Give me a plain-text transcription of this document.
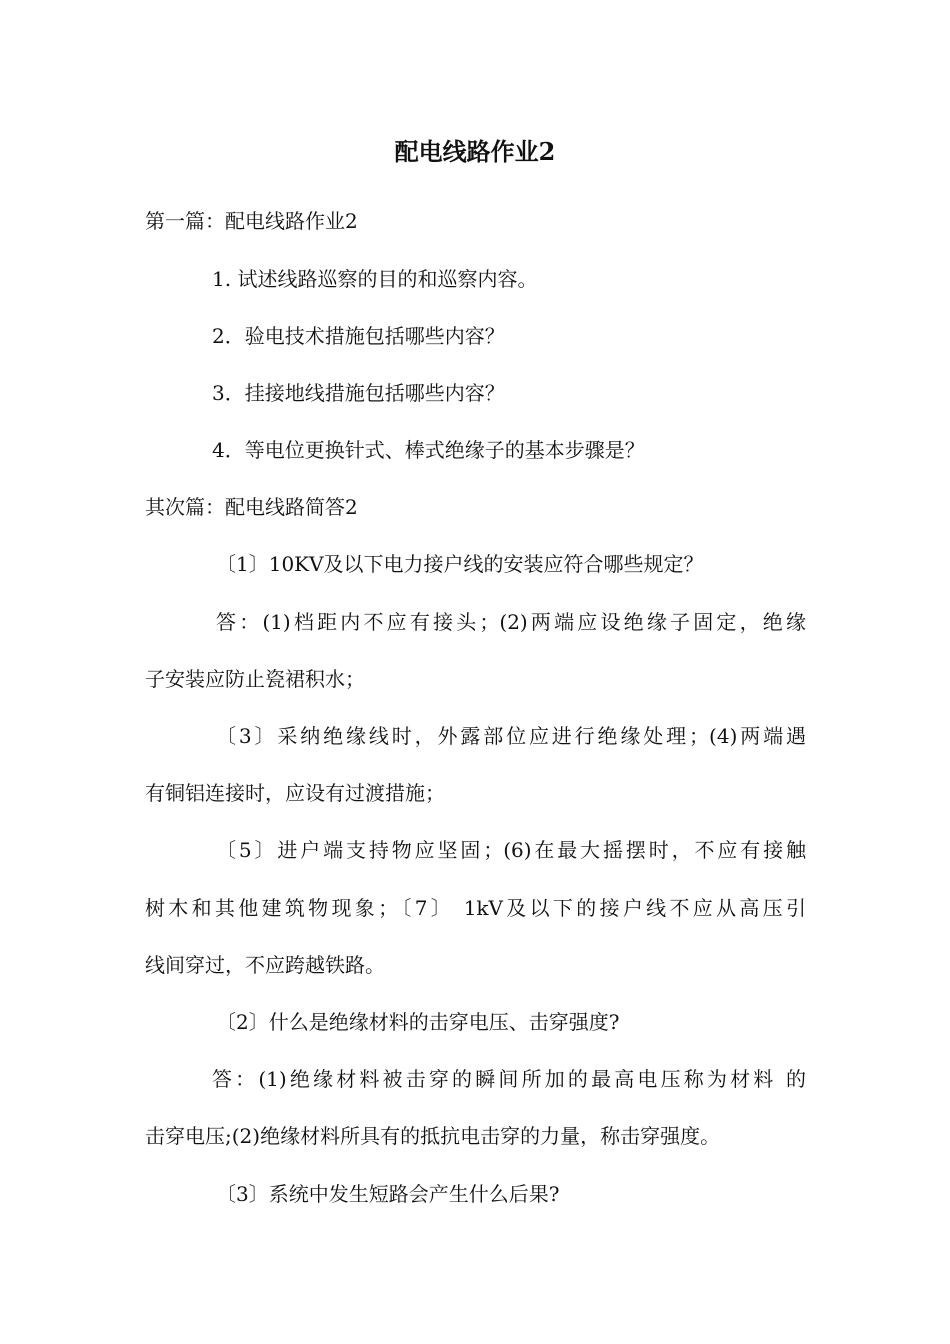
配电线路作业2
第一篇：配电线路作业2
1. 试述线路巡察的目的和巡察内容。
2．验电技术措施包括哪些内容？
3．挂接地线措施包括哪些内容？
4．等电位更换针式、棒式绝缘子的基本步骤是？
其次篇：配电线路简答2
〔1〕10KV及以下电力接户线的安装应符合哪些规定？
答：(1)档距内不应有接头；(2)两端应设绝缘子固定，绝缘
子安装应防止瓷裙积水；
〔3〕采纳绝缘线时，外露部位应进行绝缘处理；(4)两端遇
有铜铝连接时，应设有过渡措施；
〔5〕进户端支持物应坚固；(6)在最大摇摆时，不应有接触
树木和其他建筑物现象；〔7〕 1kV及以下的接户线不应从高压引
线间穿过，不应跨越铁路。
〔2〕什么是绝缘材料的击穿电压、击穿强度?
答：(1)绝缘材料被击穿的瞬间所加的最高电压称为材料 的
击穿电压;(2)绝缘材料所具有的抵抗电击穿的力量，称击穿强度。
〔3〕系统中发生短路会产生什么后果?
